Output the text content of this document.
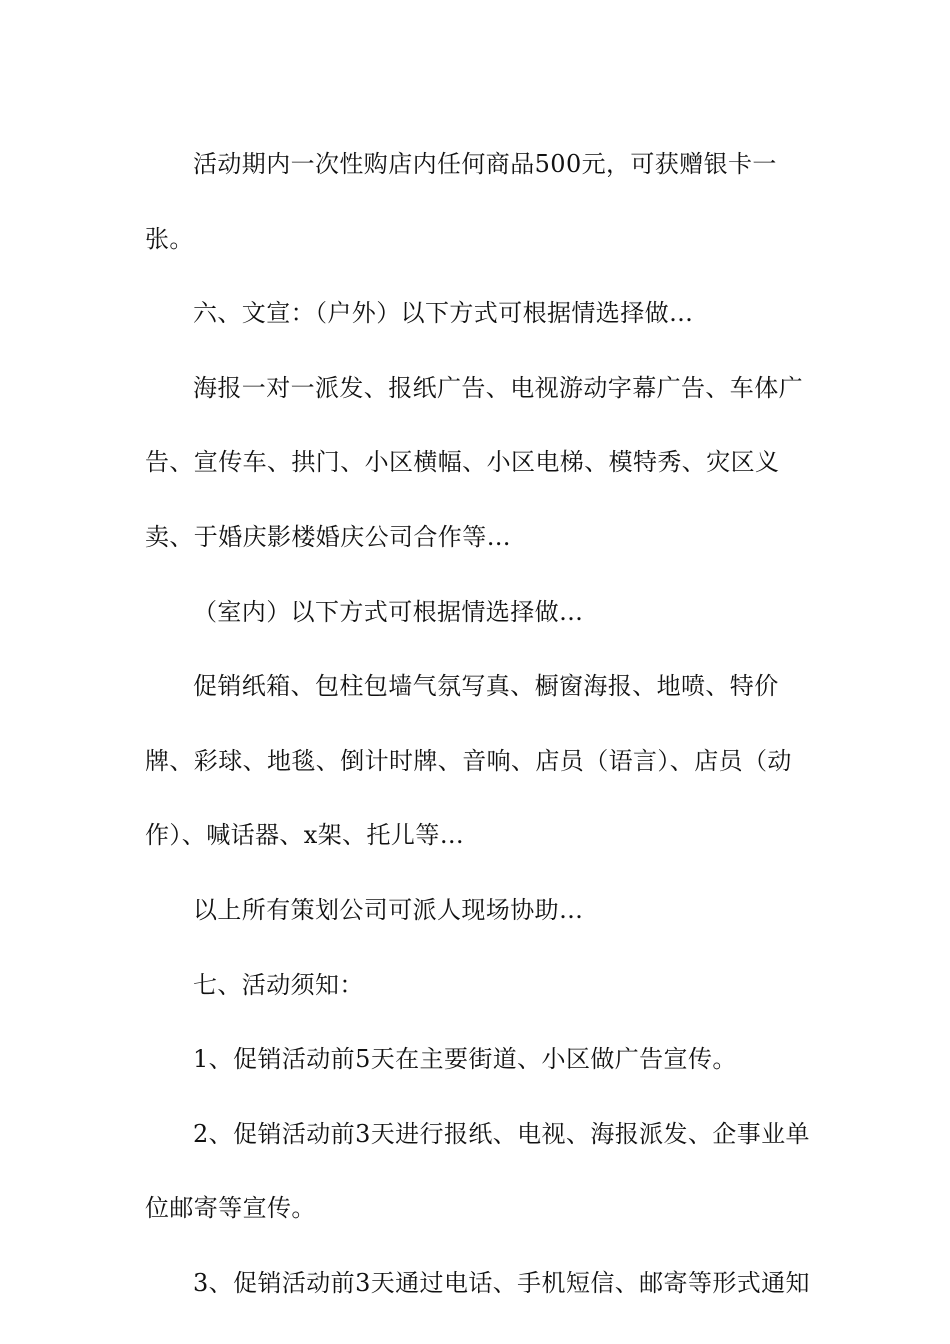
活动期内一次性购店内任何商品500元，可获赠银卡一张。

六、文宣：（户外）以下方式可根据情选择做…

海报一对一派发、报纸广告、电视游动字幕广告、车体广告、宣传车、拱门、小区横幅、小区电梯、模特秀、灾区义卖、于婚庆影楼婚庆公司合作等…

（室内）以下方式可根据情选择做…

促销纸箱、包柱包墙气氛写真、橱窗海报、地喷、特价牌、彩球、地毯、倒计时牌、音响、店员（语言）、店员（动作）、喊话器、x架、托儿等…

以上所有策划公司可派人现场协助…

七、活动须知：

1、促销活动前5天在主要街道、小区做广告宣传。

2、促销活动前3天进行报纸、电视、海报派发、企事业单位邮寄等宣传。

3、促销活动前3天通过电话、手机短信、邮寄等形式通知
